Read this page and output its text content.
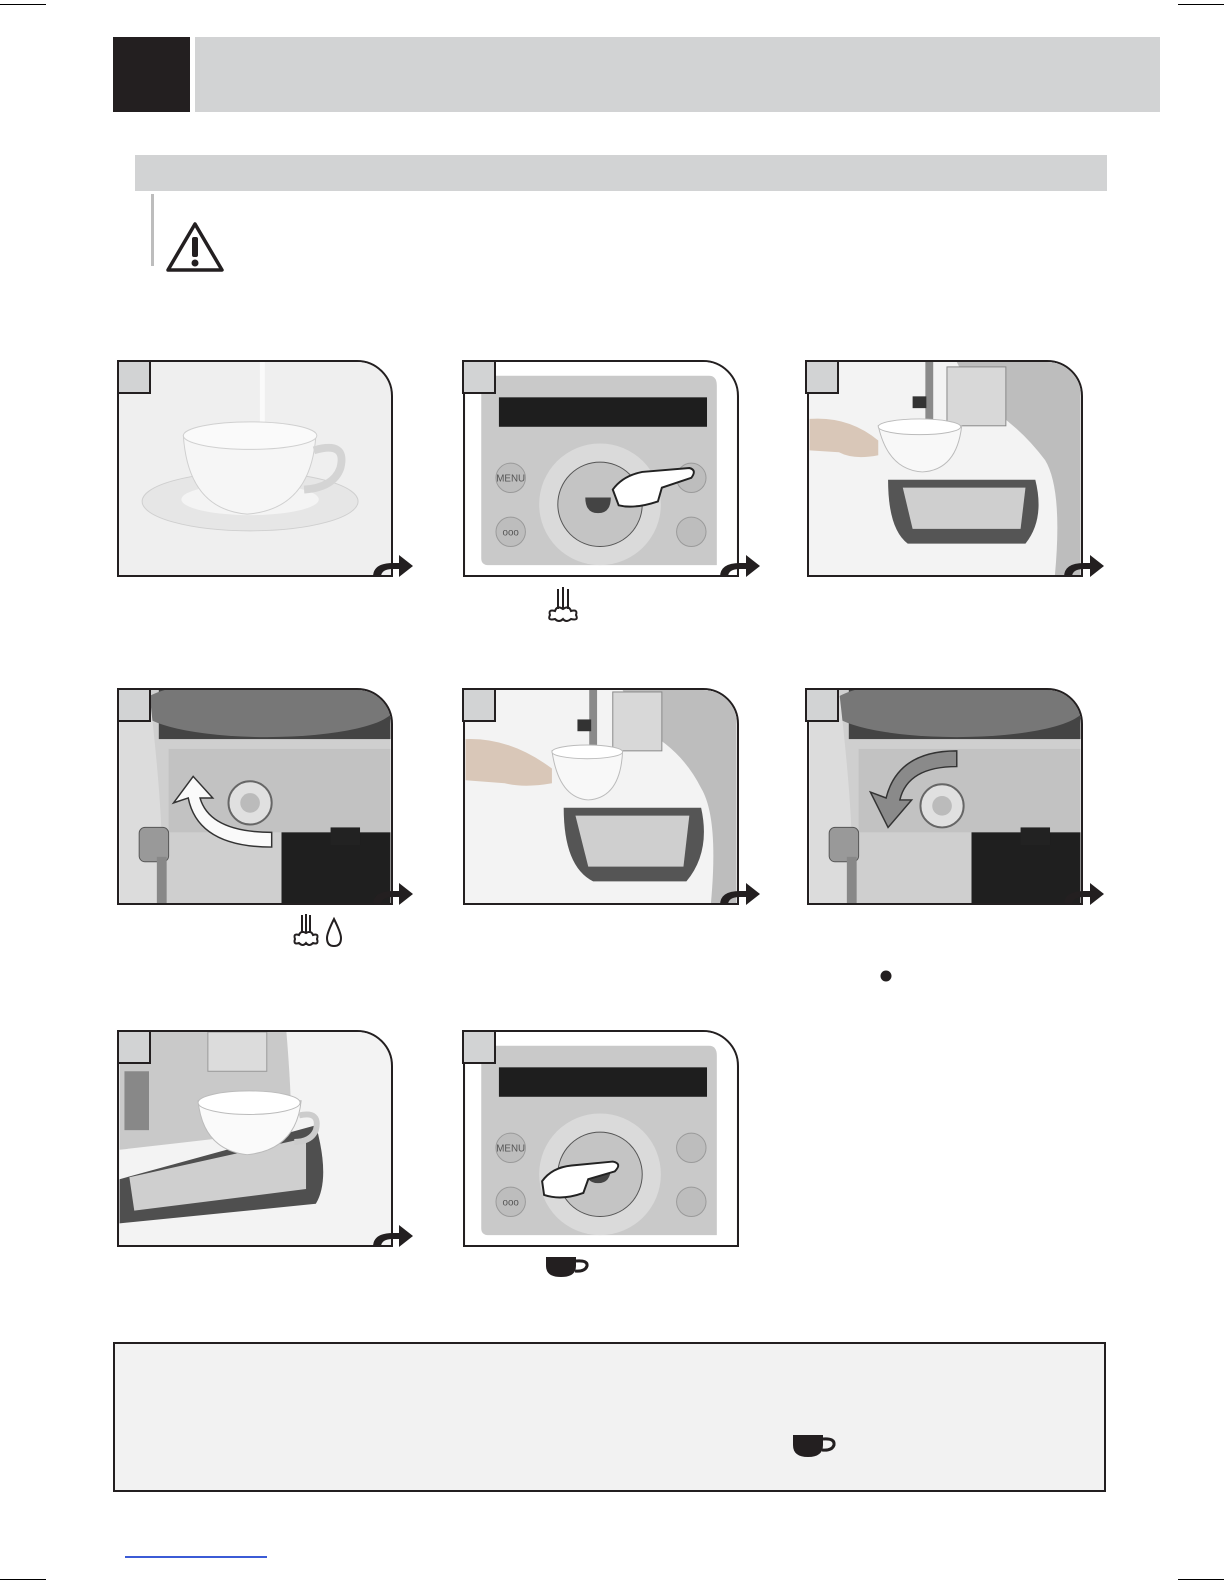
MENU
ooo
MENU
ooo
